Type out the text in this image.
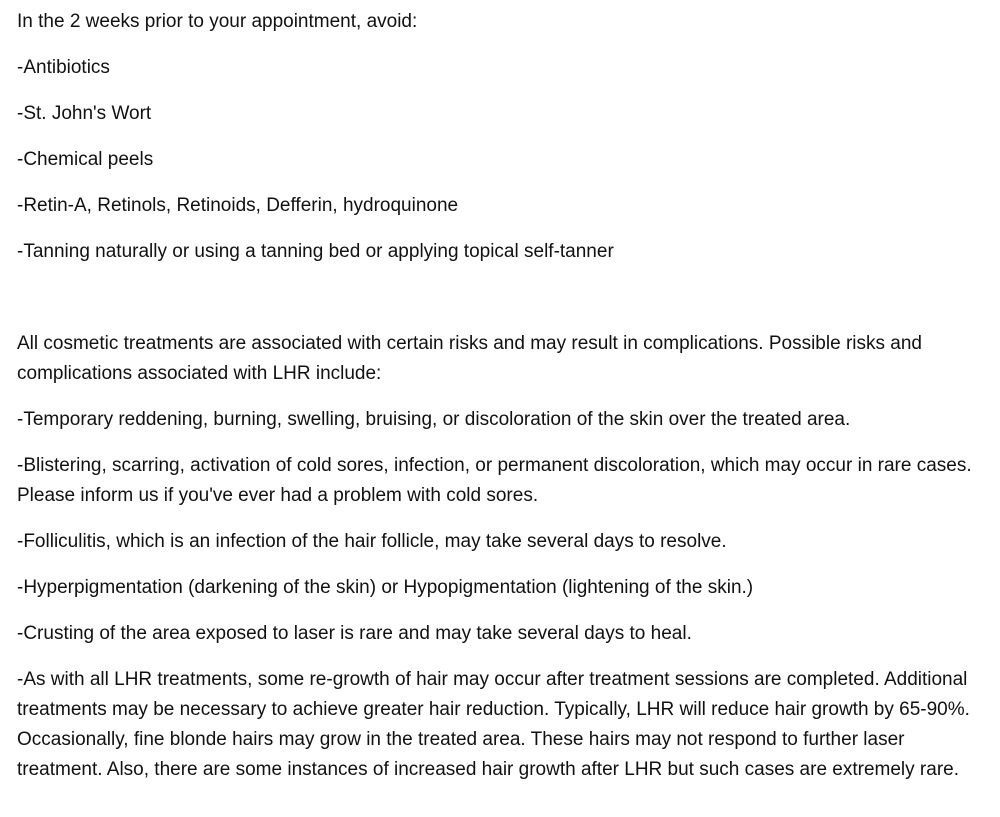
In the 2 weeks prior to your appointment, avoid:

-Antibiotics

-St. John's Wort

-Chemical peels

-Retin-A, Retinols, Retinoids, Defferin, hydroquinone

-Tanning naturally or using a tanning bed or applying topical self-tanner

All cosmetic treatments are associated with certain risks and may result in complications. Possible risks and complications associated with LHR include:

-Temporary reddening, burning, swelling, bruising, or discoloration of the skin over the treated area.

-Blistering, scarring, activation of cold sores, infection, or permanent discoloration, which may occur in rare cases. Please inform us if you've ever had a problem with cold sores.

-Folliculitis, which is an infection of the hair follicle, may take several days to resolve.

-Hyperpigmentation (darkening of the skin) or Hypopigmentation (lightening of the skin.)

-Crusting of the area exposed to laser is rare and may take several days to heal.

-As with all LHR treatments, some re-growth of hair may occur after treatment sessions are completed. Additional treatments may be necessary to achieve greater hair reduction. Typically, LHR will reduce hair growth by 65-90%. Occasionally, fine blonde hairs may grow in the treated area. These hairs may not respond to further laser treatment. Also, there are some instances of increased hair growth after LHR but such cases are extremely rare.
